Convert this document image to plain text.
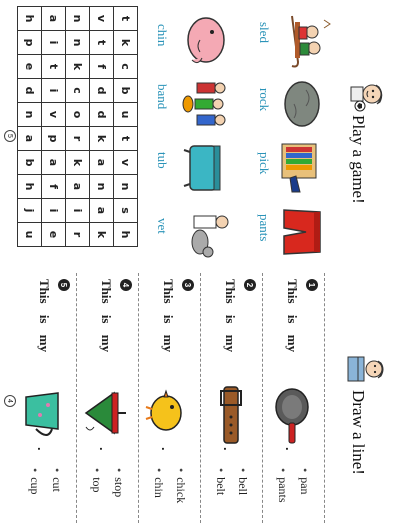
Play a game!
sled
rock
pick
pants
chin
band
tub
vet
t
k
c
b
u
t
v
n
s
h
v
t
f
d
d
k
a
n
a
k
n
n
k
c
o
r
k
a
i
r
a
i
t
i
v
p
a
f
i
e
h
p
e
d
n
a
b
h
j
u
5
Draw a line!
1
This is my
.
• pan
• pants
2
This is my
.
• bell
• belt
3
This is my
.
• chick
• chin
4
This is my
.
• stop
• top
5
This is my
.
• cut
• cup
4
